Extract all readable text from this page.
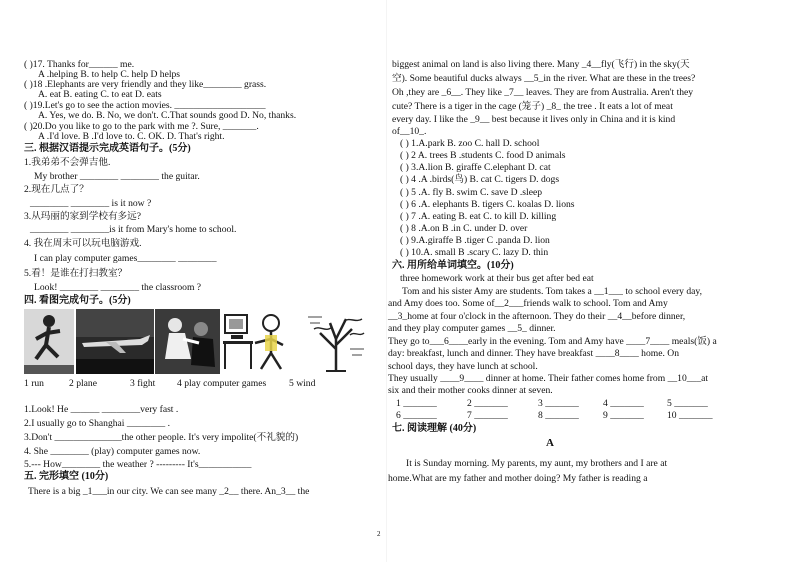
( )17. Thanks for______ me.
A .helping B. to help C. help D helps
( )18 .Elephants are very friendly and they like________ grass.
A. eat B. eating C. to eat D. eats
( )19.Let's go to see the action movies. ___________________
A. Yes, we do. B. No, we don't. C.That sounds good D. No, thanks.
( )20.Do you like to go to the park with me ?. Sure, _______.
A .I'd love. B .I'd love to. C. OK. D. That's right.
三. 根据汉语提示完成英语句子。(5分)
1.我弟弟不会弹吉他.
My brother ________ ________ the guitar.
2.现在几点了？
________ ________ is it now ?
3.从玛丽的家到学校有多远?
________ ________is it from Mary's home to school.
4. 我在周末可以玩电脑游戏.
I can play computer games________ ________
5.看！是谁在打扫教室？
Look! ________ ________ the classroom ?
四. 看图完成句子。(5分)
1 run	2 plane	3 fight 4 play computer games 5 wind
1.Look! He ______ ________very fast .
2.I usually go to Shanghai ________ .
3.Don't ______________the other people. It's very impolite(不礼貌的)
4. She ________ (play) computer games now.
5.--- How________ the weather ? --------- It's___________
五. 完形填空 (10分)
There is a big _1___in our city. We can see many _2__ there. An_3__ the
2
biggest animal on land is also living there. Many _4__fly(飞行) in the sky(天
空). Some beautiful ducks always __5_in the river. What are these in the trees?
Oh ,they are _6__. They like _7__ leaves. They are from Australia. Aren't they
cute? There is a tiger in the cage (笼子) _8_ the tree . It eats a lot of meat
every day. I like the _9__ best because it lives only in China and it is kind
of__10_.
( ) 1.A.park B. zoo C. hall D. school
( ) 2 A. trees B .students C. food D animals
( ) 3.A.lion B. giraffe C.elephant D. cat
( ) 4 .A .birds(鸟) B. cat C. tigers D. dogs
( ) 5 .A. fly B. swim C. save D .sleep
( ) 6 .A. elephants B. tigers C. koalas D. lions
( ) 7 .A. eating B. eat C. to kill D. killing
( ) 8 .A.on B .in C. under D. over
( ) 9.A.giraffe B .tiger C .panda D. lion
( ) 10.A. small B .scary C. lazy D. thin
六. 用所给单词填空。(10分)
three homework work at their bus get after bed eat
Tom and his sister Amy are students. Tom takes a __1___ to school every day,
and Amy does too. Some of__2___friends walk to school. Tom and Amy
__3_home at four o'clock in the afternoon. They do their __4__before dinner,
and they play computer games __5_ dinner.
They go to___6____early in the evening. Tom and Amy have ____7____ meals(饭) a
day: breakfast, lunch and dinner. They have breakfast ____8____ home. On
school days, they have lunch at school.
They usually ____9____ dinner at home. Their father comes home from __10___at
six and their mother cooks dinner at seven.
1 _______	2 _______	3 _______	4 _______ 5 _______
6 _______	7 _______	8 _______	9 _______ 10 _______
七. 阅读理解 (40分)
A
It is Sunday morning. My parents, my aunt, my brothers and I are at
home.What are my father and mother doing? My father is reading a
